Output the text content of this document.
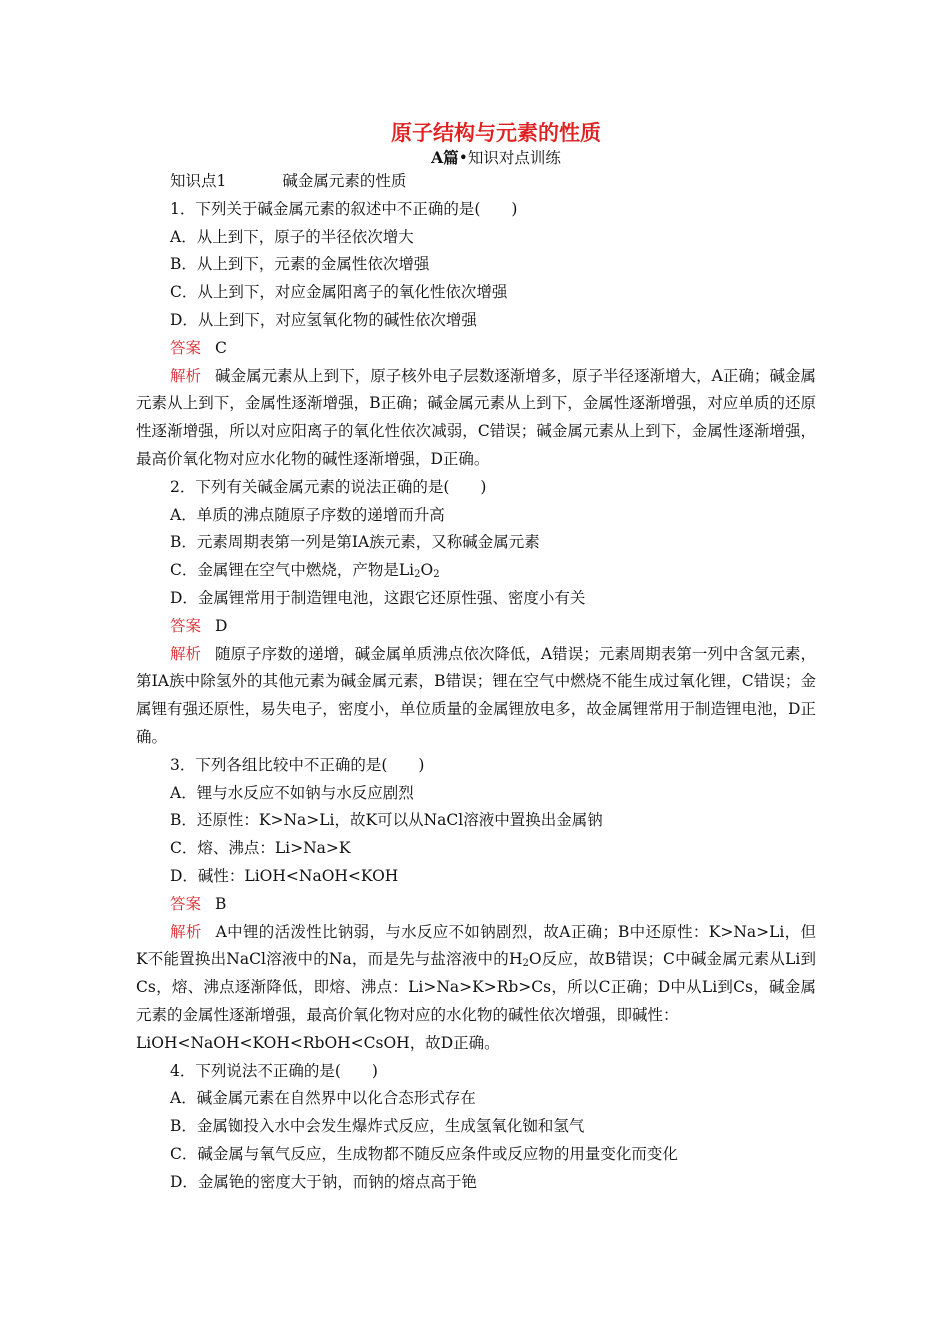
原子结构与元素的性质
A篇•知识对点训练
知识点1	碱金属元素的性质
1．下列关于碱金属元素的叙述中不正确的是(　　)
A．从上到下，原子的半径依次增大
B．从上到下，元素的金属性依次增强
C．从上到下，对应金属阳离子的氧化性依次增强
D．从上到下，对应氢氧化物的碱性依次增强
答案 C
解析 碱金属元素从上到下，原子核外电子层数逐渐增多，原子半径逐渐增大，A正确；碱金属元素从上到下，金属性逐渐增强，B正确；碱金属元素从上到下，金属性逐渐增强，对应单质的还原性逐渐增强，所以对应阳离子的氧化性依次减弱，C错误；碱金属元素从上到下，金属性逐渐增强，最高价氧化物对应水化物的碱性逐渐增强，D正确。
2．下列有关碱金属元素的说法正确的是(　　)
A．单质的沸点随原子序数的递增而升高
B．元素周期表第一列是第ⅠA族元素，又称碱金属元素
C．金属锂在空气中燃烧，产物是$Li_2O_2$
D．金属锂常用于制造锂电池，这跟它还原性强、密度小有关
答案 D
解析 随原子序数的递增，碱金属单质沸点依次降低，A错误；元素周期表第一列中含氢元素，第ⅠA族中除氢外的其他元素为碱金属元素，B错误；锂在空气中燃烧不能生成过氧化锂，C错误；金属锂有强还原性，易失电子，密度小，单位质量的金属锂放电多，故金属锂常用于制造锂电池，D正确。
3．下列各组比较中不正确的是(　　)
A．锂与水反应不如钠与水反应剧烈
B．还原性：K>Na>Li，故K可以从NaCl溶液中置换出金属钠
C．熔、沸点：Li>Na>K
D．碱性：LiOH<NaOH<KOH
答案 B
解析 A中锂的活泼性比钠弱，与水反应不如钠剧烈，故A正确；B中还原性：K>Na>Li，但K不能置换出NaCl溶液中的Na，而是先与盐溶液中的$H_2O$反应，故B错误；C中碱金属元素从Li到Cs，熔、沸点逐渐降低，即熔、沸点：Li>Na>K>Rb>Cs，所以C正确；D中从Li到Cs，碱金属元素的金属性逐渐增强，最高价氧化物对应的水化物的碱性依次增强，即碱性：
LiOH<NaOH<KOH<RbOH<CsOH，故D正确。
4．下列说法不正确的是(　　)
A．碱金属元素在自然界中以化合态形式存在
B．金属铷投入水中会发生爆炸式反应，生成氢氧化铷和氢气
C．碱金属与氧气反应，生成物都不随反应条件或反应物的用量变化而变化
D．金属铯的密度大于钠，而钠的熔点高于铯
